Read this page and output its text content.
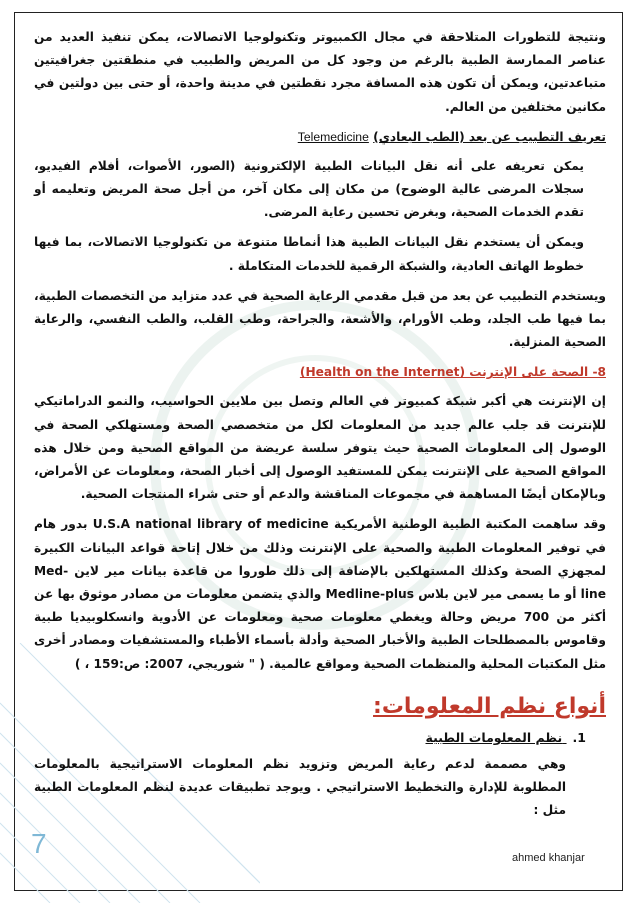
ونتيجة للتطورات المتلاحقة في مجال الكمبيوتر وتكنولوجيا الاتصالات، يمكن تنفيذ العديد من عناصر الممارسة الطبية بالرغم من وجود كل من المريض والطبيب في منطقتين جغرافيتين متباعدتين، ويمكن أن تكون هذه المسافة مجرد نقطتين في مدينة واحدة، أو حتى بين دولتين في مكانين مختلفين من العالم.

تعريف التطبيب عن بعد (الطب البعادي) Telemedicine

يمكن تعريفه على أنه نقل البيانات الطبية الإلكترونية (الصور، الأصوات، أفلام الفيديو، سجلات المرضى عالية الوضوح) من مكان إلى مكان آخر، من أجل صحة المريض وتعليمه أو تقدم الخدمات الصحية، وبغرض تحسين رعاية المرضى.

ويمكن أن يستخدم نقل البيانات الطبية هذا أنماطا متنوعة من تكنولوجيا الاتصالات، بما فيها خطوط الهاتف العادية، والشبكة الرقمية للخدمات المتكاملة .

ويستخدم التطبيب عن بعد من قبل مقدمي الرعاية الصحية في عدد متزايد من التخصصات الطبية، بما فيها طب الجلد، وطب الأورام، والأشعة، والجراحة، وطب القلب، والطب النفسي، والرعاية الصحية المنزلية.

8- الصحة على الإنترنت (Health on the Internet)

إن الإنترنت هي أكبر شبكة كمبيوتر في العالم وتصل بين ملايين الحواسيب، والنمو الدراماتيكي للإنترنت قد جلب عالم جديد من المعلومات لكل من متخصصي الصحة ومستهلكي الصحة في الوصول إلى المعلومات الصحية حيث يتوفر سلسة عريضة من المواقع الصحية ومن خلال هذه المواقع الصحية على الإنترنت يمكن للمستفيد الوصول إلى أخبار الصحة، ومعلومات عن الأمراض، وبالإمكان أيضًا المساهمة في مجموعات المناقشة والدعم أو حتى شراء المنتجات الصحية.

وقد ساهمت المكتبة الطبية الوطنية الأمريكية U.S.A national library of medicine بدور هام في توفير المعلومات الطبية والصحية على الإنترنت وذلك من خلال إتاحة قواعد البيانات الكبيرة لمجهزي الصحة وكذلك المستهلكين بالإضافة إلى ذلك طوروا من قاعدة بيانات مير لاين Med-line أو ما يسمى مير لاين بلاس Medline-plus والذي يتضمن معلومات من مصادر موثوق بها عن أكثر من 700 مريض وحالة ويغطي معلومات صحية ومعلومات عن الأدوية وانسكلوبيديا طبية وقاموس بالمصطلحات الطبية والأخبار الصحية وأدلة بأسماء الأطباء والمستشفيات ومصادر أخرى مثل المكتبات المحلية والمنظمات الصحية ومواقع عالمية. ( " شوريجي، 2007: ص:159 ، )

أنواع نظم المعلومات:
1. نظم المعلومات الطبية

وهي مصممة لدعم رعاية المريض وتزويد نظم المعلومات الاستراتيجية بالمعلومات المطلوبة للإدارة والتخطيط الاستراتيجي . ويوجد تطبيقات عديدة لنظم المعلومات الطبية مثل :

7	ahmed khanjar
